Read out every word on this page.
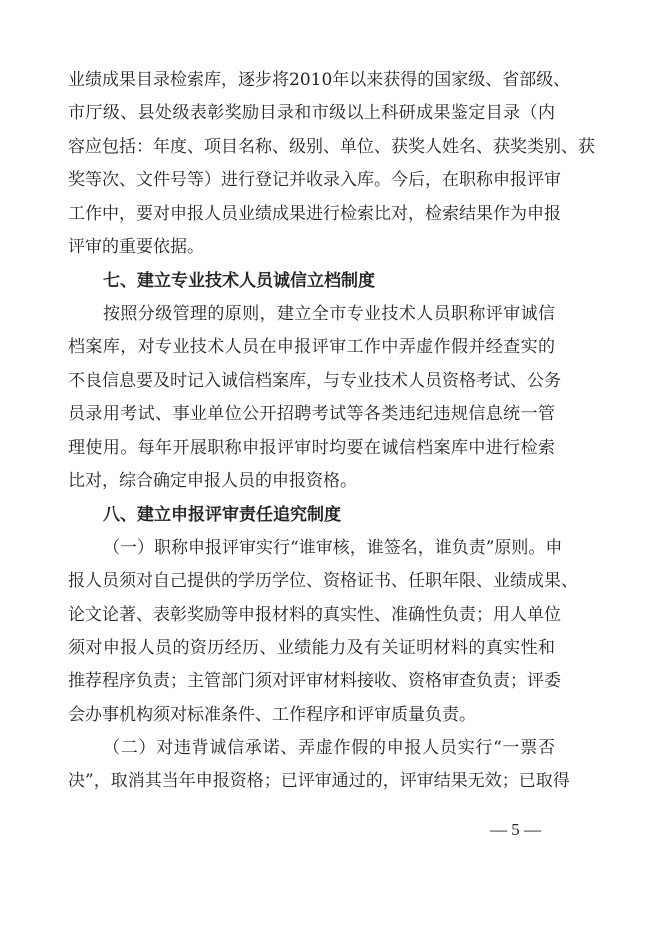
业绩成果目录检索库，逐步将2010年以来获得的国家级、省部级、
市厅级、县处级表彰奖励目录和市级以上科研成果鉴定目录（内
容应包括：年度、项目名称、级别、单位、获奖人姓名、获奖类别、获
奖等次、文件号等）进行登记并收录入库。今后，在职称申报评审
工作中，要对申报人员业绩成果进行检索比对，检索结果作为申报
评审的重要依据。
七、建立专业技术人员诚信立档制度
按照分级管理的原则，建立全市专业技术人员职称评审诚信
档案库，对专业技术人员在申报评审工作中弄虚作假并经查实的
不良信息要及时记入诚信档案库，与专业技术人员资格考试、公务
员录用考试、事业单位公开招聘考试等各类违纪违规信息统一管
理使用。每年开展职称申报评审时均要在诚信档案库中进行检索
比对，综合确定申报人员的申报资格。
八、建立申报评审责任追究制度
（一）职称申报评审实行“谁审核，谁签名，谁负责”原则。申
报人员须对自己提供的学历学位、资格证书、任职年限、业绩成果、
论文论著、表彰奖励等申报材料的真实性、准确性负责；用人单位
须对申报人员的资历经历、业绩能力及有关证明材料的真实性和
推荐程序负责；主管部门须对评审材料接收、资格审查负责；评委
会办事机构须对标准条件、工作程序和评审质量负责。
（二）对违背诚信承诺、弄虚作假的申报人员实行“一票否
决”，取消其当年申报资格；已评审通过的，评审结果无效；已取得
— 5 —
